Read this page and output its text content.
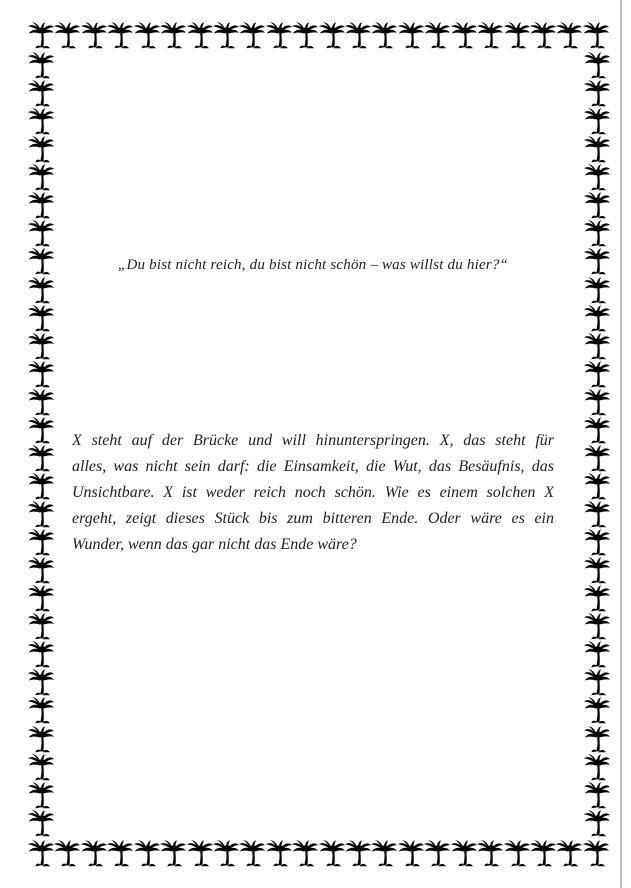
„Du bist nicht reich, du bist nicht schön – was willst du hier?“

X steht auf der Brücke und will hinunterspringen. X, das steht für
alles, was nicht sein darf: die Einsamkeit, die Wut, das Besäufnis, das
Unsichtbare. X ist weder reich noch schön. Wie es einem solchen X
ergeht, zeigt dieses Stück bis zum bitteren Ende. Oder wäre es ein
Wunder, wenn das gar nicht das Ende wäre?
